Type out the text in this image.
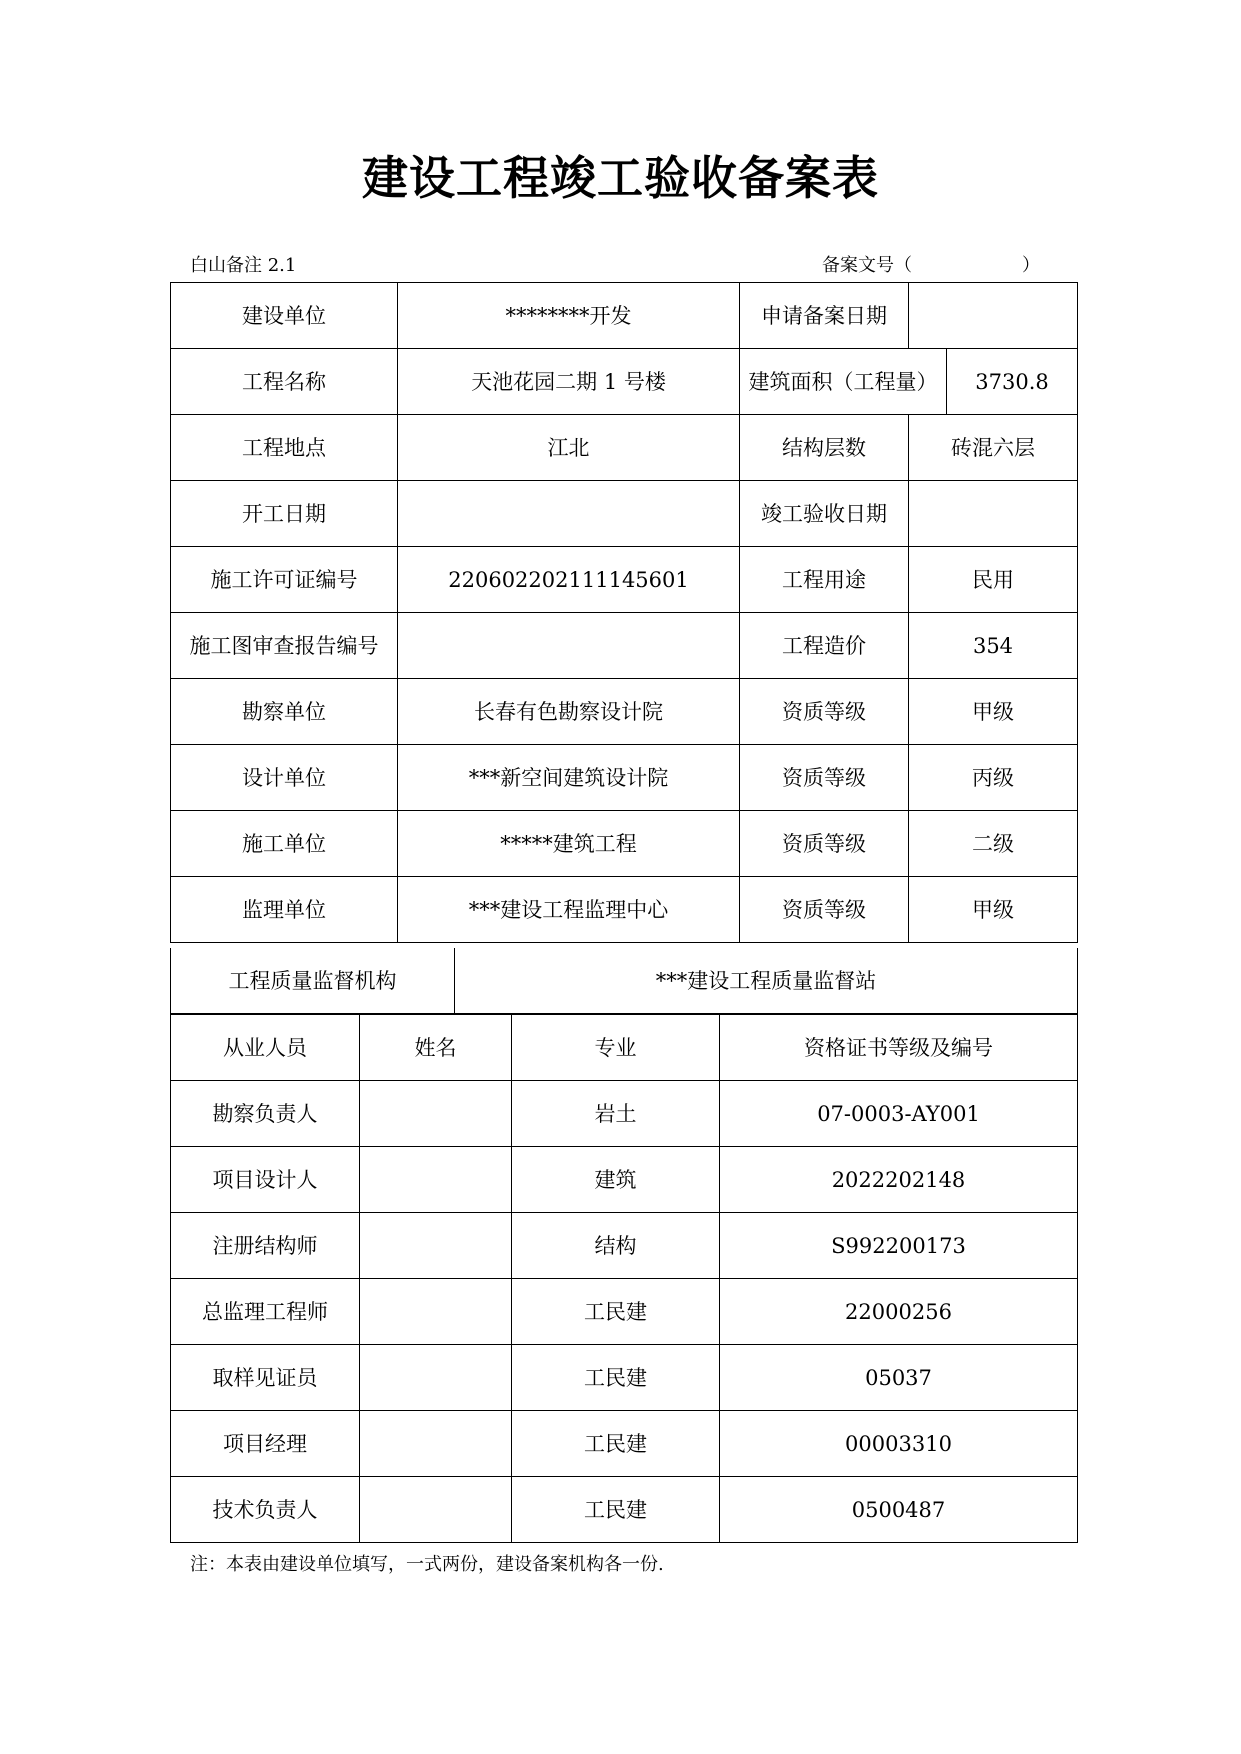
建设工程竣工验收备案表
白山备注 2.1	备案文号（	）
建设单位	********开发	申请备案日期	
工程名称	天池花园二期 1 号楼	建筑面积（工程量） 3730.8	

工程地点	江北	结构层数	砖混六层
开工日期		竣工验收日期	
施工许可证编号	220602202111145601	工程用途	民用
施工图审查报告编号		工程造价	354
勘察单位	长春有色勘察设计院	资质等级	甲级
设计单位	***新空间建筑设计院	资质等级	丙级
施工单位	*****建筑工程	资质等级	二级
监理单位	***建设工程监理中心	资质等级	甲级
工程质量监督机构	***建设工程质量监督站
从业人员	姓名	专业	资格证书等级及编号
勘察负责人		岩土	07-0003-AY001
项目设计人		建筑	2022202148
注册结构师		结构	S992200173
总监理工程师		工民建	22000256
取样见证员		工民建	05037
项目经理		工民建	00003310
技术负责人		工民建	0500487
注：本表由建设单位填写，一式两份，建设备案机构各一份.
